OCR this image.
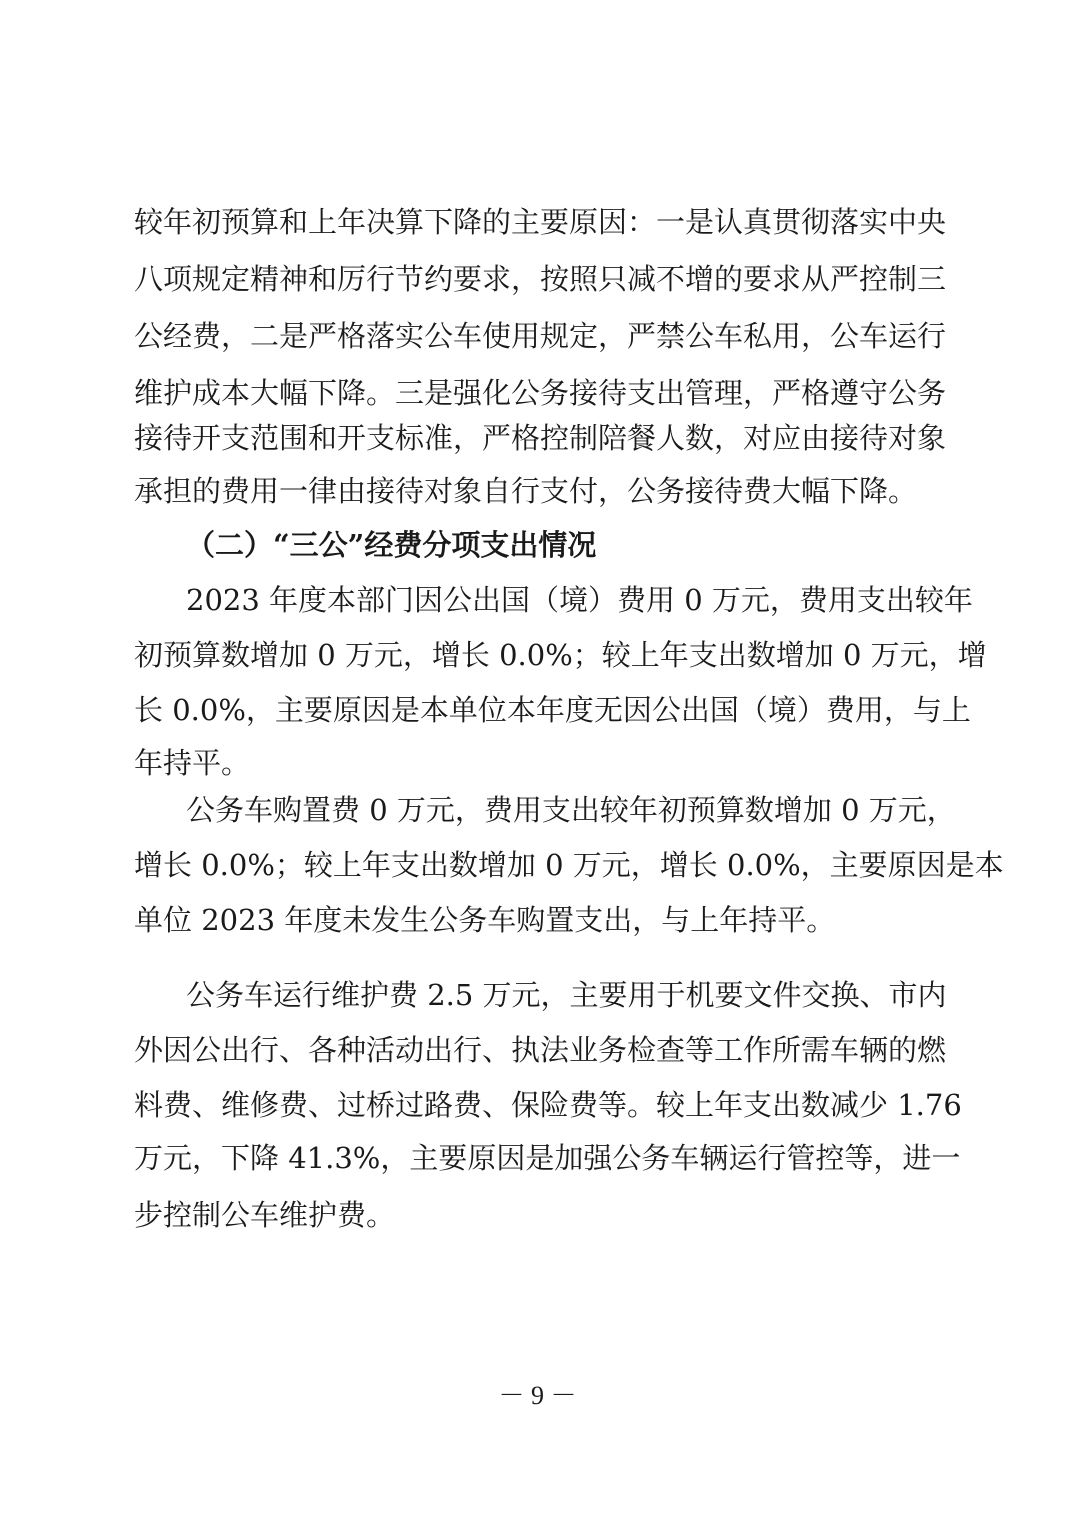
较年初预算和上年决算下降的主要原因：一是认真贯彻落实中央
八项规定精神和厉行节约要求，按照只减不增的要求从严控制三
公经费，二是严格落实公车使用规定，严禁公车私用，公车运行
维护成本大幅下降。三是强化公务接待支出管理，严格遵守公务
接待开支范围和开支标准，严格控制陪餐人数，对应由接待对象
承担的费用一律由接待对象自行支付，公务接待费大幅下降。
（二）“三公”经费分项支出情况
2023 年度本部门因公出国（境）费用 0 万元，费用支出较年
初预算数增加 0 万元，增长 0.0%；较上年支出数增加 0 万元，增
长 0.0%，主要原因是本单位本年度无因公出国（境）费用，与上
年持平。
公务车购置费 0 万元，费用支出较年初预算数增加 0 万元，
增长 0.0%；较上年支出数增加 0 万元，增长 0.0%，主要原因是本
单位 2023 年度未发生公务车购置支出，与上年持平。
公务车运行维护费 2.5 万元，主要用于机要文件交换、市内
外因公出行、各种活动出行、执法业务检查等工作所需车辆的燃
料费、维修费、过桥过路费、保险费等。较上年支出数减少 1.76
万元，下降 41.3%，主要原因是加强公务车辆运行管控等，进一
步控制公车维护费。
－ 9 －
